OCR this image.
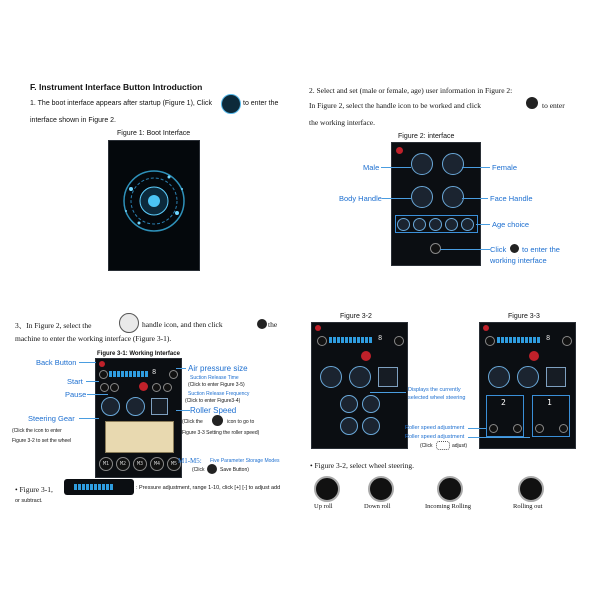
F. Instrument Interface Button Introduction
1. The boot interface appears after startup (Figure 1), Click	to enter the
interface shown in Figure 2.
Figure 1: Boot Interface
2. Select and set (male or female, age) user information in Figure 2:
In Figure 2, select the handle icon to be worked and click	to enter
the working interface.
Figure 2: interface
Male	Female
Body Handle	Face Handle
Age choice
Click to enter the
working interface
3、In Figure 2, select the	handle icon, and then click	the
machine to enter the working interface (Figure 3-1).
Figure 3-1: Working Interface
8
M1	M2	M3	M4	M5
Back Button
Start
Pause
Steering Gear
(Click the icon to enter
Figure 3-2 to set the wheel
Air pressure size
Suction Release Time
(Click to enter Figure 3-5)
Suction Release Frequency
(Click to enter Figure3-4)
Roller Speed
(Click the	icon to go to
Figure 3-3 Setting the roller speed)
M1-M5: Five Parameter Storage Modes
(Click	Save Button)
• Figure 3-1,	: Pressure adjustment, range 1-10, click [+] [-] to adjust add
or subtract.
Figure 3-2	Figure 3-3
8	8
2	1
Displays the currently
selected wheel steering
Roller speed adjustment
Roller speed adjustment
(Click	adjust)
• Figure 3-2, select wheel steering.
Up roll	Down roll	Incoming Rolling	Rolling out
